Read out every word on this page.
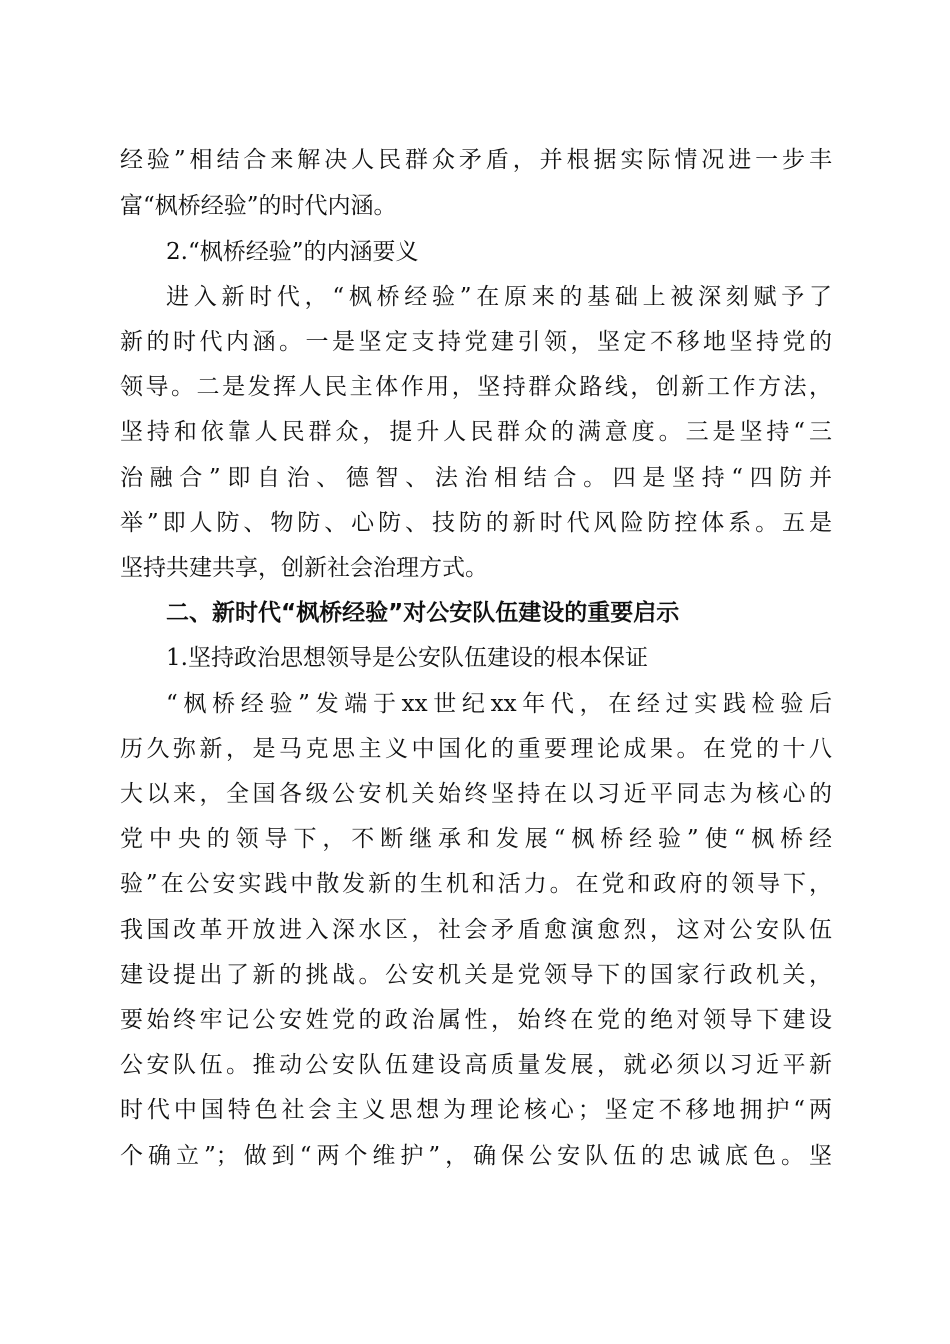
经验”相结合来解决人民群众矛盾，并根据实际情况进一步丰
富“枫桥经验”的时代内涵。
2.“枫桥经验”的内涵要义
进入新时代，“枫桥经验”在原来的基础上被深刻赋予了
新的时代内涵。一是坚定支持党建引领，坚定不移地坚持党的
领导。二是发挥人民主体作用，坚持群众路线，创新工作方法，
坚持和依靠人民群众，提升人民群众的满意度。三是坚持“三
治融合”即自治、德智、法治相结合。四是坚持“四防并
举”即人防、物防、心防、技防的新时代风险防控体系。五是
坚持共建共享，创新社会治理方式。
二、新时代“枫桥经验”对公安队伍建设的重要启示
1.坚持政治思想领导是公安队伍建设的根本保证
“枫桥经验”发端于xx世纪xx年代，在经过实践检验后
历久弥新，是马克思主义中国化的重要理论成果。在党的十八
大以来，全国各级公安机关始终坚持在以习近平同志为核心的
党中央的领导下，不断继承和发展“枫桥经验”使“枫桥经
验”在公安实践中散发新的生机和活力。在党和政府的领导下，
我国改革开放进入深水区，社会矛盾愈演愈烈，这对公安队伍
建设提出了新的挑战。公安机关是党领导下的国家行政机关，
要始终牢记公安姓党的政治属性，始终在党的绝对领导下建设
公安队伍。推动公安队伍建设高质量发展，就必须以习近平新
时代中国特色社会主义思想为理论核心；坚定不移地拥护“两
个确立”；做到“两个维护”，确保公安队伍的忠诚底色。坚
